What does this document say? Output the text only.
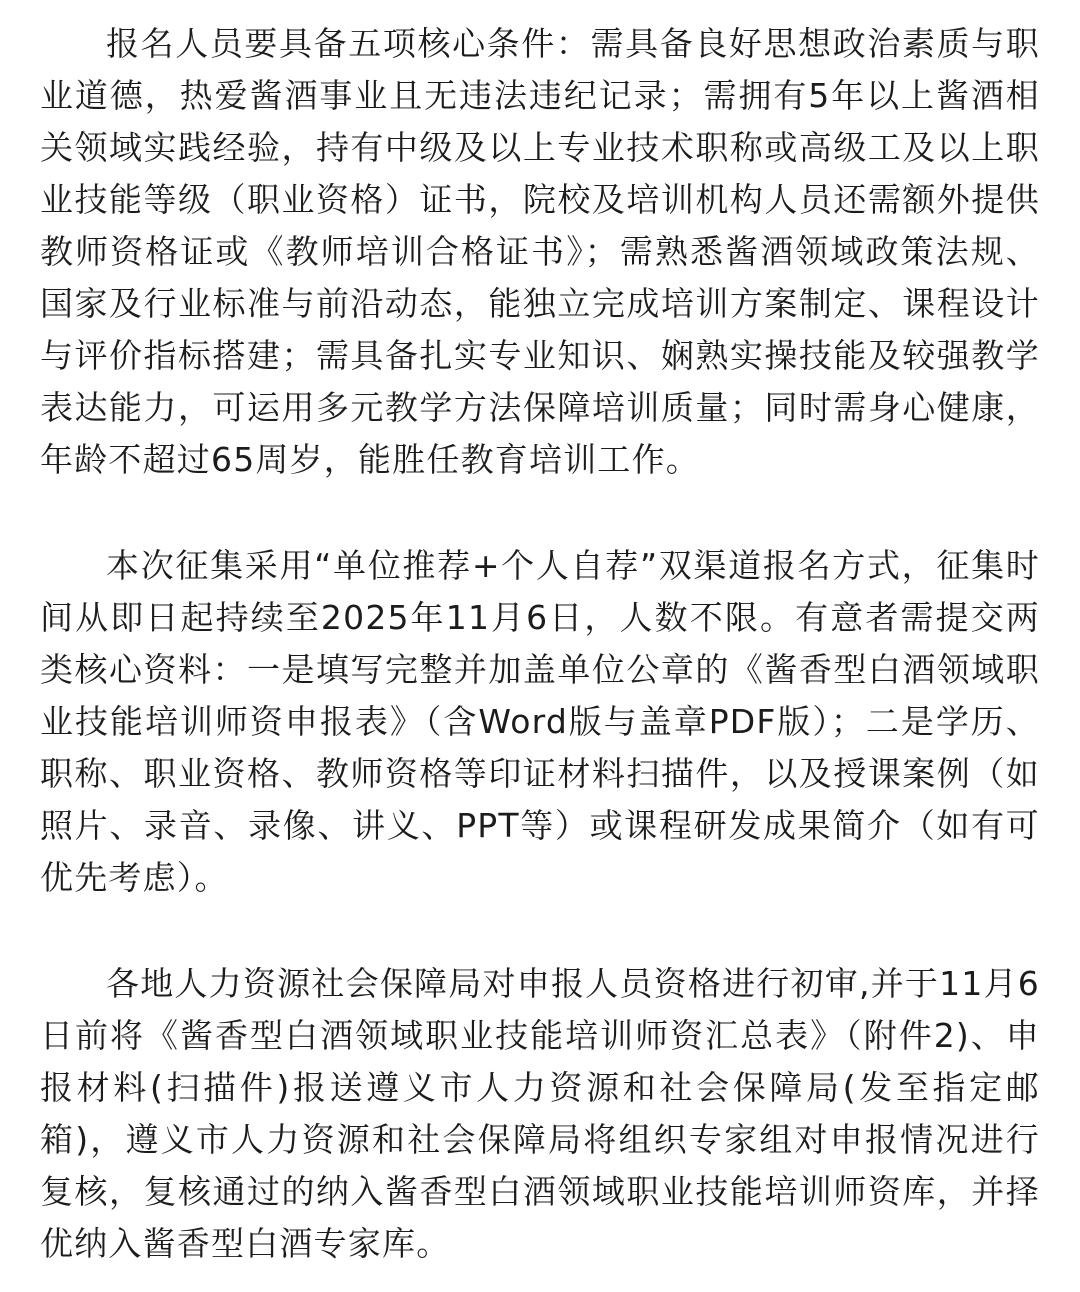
报名人员要具备五项核心条件：需具备良好思想政治素质与职业道德，热爱酱酒事业且无违法违纪记录；需拥有5年以上酱酒相关领域实践经验，持有中级及以上专业技术职称或高级工及以上职业技能等级（职业资格）证书，院校及培训机构人员还需额外提供教师资格证或《教师培训合格证书》；需熟悉酱酒领域政策法规、国家及行业标准与前沿动态，能独立完成培训方案制定、课程设计与评价指标搭建；需具备扎实专业知识、娴熟实操技能及较强教学表达能力，可运用多元教学方法保障培训质量；同时需身心健康，年龄不超过65周岁，能胜任教育培训工作。

本次征集采用“单位推荐+个人自荐”双渠道报名方式，征集时间从即日起持续至2025年11月6日，人数不限。有意者需提交两类核心资料：一是填写完整并加盖单位公章的《酱香型白酒领域职业技能培训师资申报表》（含Word版与盖章PDF版）；二是学历、职称、职业资格、教师资格等印证材料扫描件，以及授课案例（如照片、录音、录像、讲义、PPT等）或课程研发成果简介（如有可优先考虑）。

各地人力资源社会保障局对申报人员资格进行初审,并于11月6日前将《酱香型白酒领域职业技能培训师资汇总表》（附件2)、申报材料(扫描件)报送遵义市人力资源和社会保障局(发至指定邮箱)，遵义市人力资源和社会保障局将组织专家组对申报情况进行复核，复核通过的纳入酱香型白酒领域职业技能培训师资库，并择优纳入酱香型白酒专家库。
